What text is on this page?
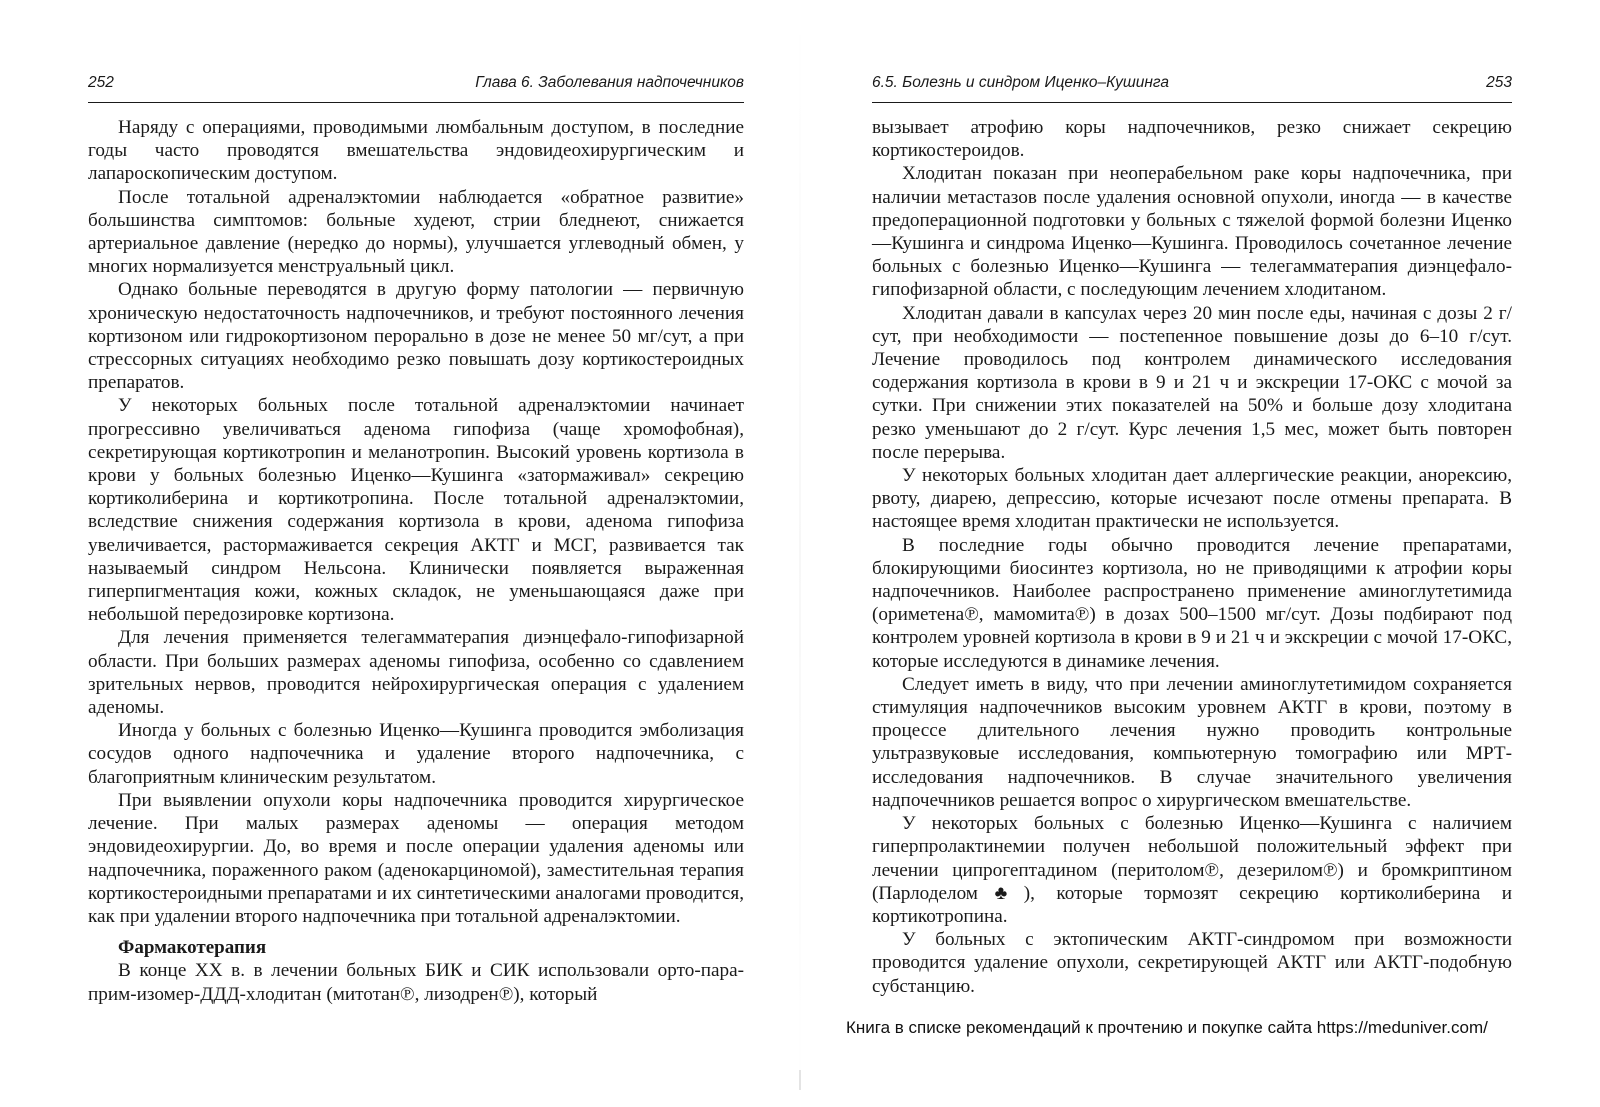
252	Глава 6. Заболевания надпочечников

Наряду с операциями, проводимыми люмбальным доступом, в последние годы часто проводятся вмешательства эндовидеохирургическим и лапароскопическим доступом.

После тотальной адреналэктомии наблюдается «обратное развитие» большинства симптомов: больные худеют, стрии бледнеют, снижается артериальное давление (нередко до нормы), улучшается углеводный обмен, у многих нормализуется менструальный цикл.

Однако больные переводятся в другую форму патологии — первичную хроническую недостаточность надпочечников, и требуют постоянного лечения кортизоном или гидрокортизоном перорально в дозе не менее 50 мг/сут, а при стрессорных ситуациях необходимо резко повышать дозу кортикостероидных препаратов.

У некоторых больных после тотальной адреналэктомии начинает прогрессивно увеличиваться аденома гипофиза (чаще хромофобная), секретирующая кортикотропин и меланотропин. Высокий уровень кортизола в крови у больных болезнью Иценко—Кушинга «затормаживал» секрецию кортиколиберина и кортикотропина. После тотальной адреналэктомии, вследствие снижения содержания кортизола в крови, аденома гипофиза увеличивается, растормаживается секреция АКТГ и МСГ, развивается так называемый синдром Нельсона. Клинически появляется выраженная гиперпигментация кожи, кожных складок, не уменьшающаяся даже при небольшой передозировке кортизона.

Для лечения применяется телегамматерапия диэнцефало-гипофизарной области. При больших размерах аденомы гипофиза, особенно со сдавлением зрительных нервов, проводится нейрохирургическая операция с удалением аденомы.

Иногда у больных с болезнью Иценко—Кушинга проводится эмболизация сосудов одного надпочечника и удаление второго надпочечника, с благоприятным клиническим результатом.

При выявлении опухоли коры надпочечника проводится хирургическое лечение. При малых размерах аденомы — операция методом эндовидеохирургии. До, во время и после операции удаления аденомы или надпочечника, пораженного раком (аденокарциномой), заместительная терапия кортикостероидными препаратами и их синтетическими аналогами проводится, как при удалении второго надпочечника при тотальной адреналэктомии.

Фармакотерапия

В конце XX в. в лечении больных БИК и СИК использовали орто-пара-прим-изомер-ДДД-хлодитан (митотан℗, лизодрен℗), который

6.5. Болезнь и синдром Иценко–Кушинга	253

вызывает атрофию коры надпочечников, резко снижает секрецию кортикостероидов.

Хлодитан показан при неоперабельном раке коры надпочечника, при наличии метастазов после удаления основной опухоли, иногда — в качестве предоперационной подготовки у больных с тяжелой формой болезни Иценко—Кушинга и синдрома Иценко—Кушинга. Проводилось сочетанное лечение больных с болезнью Иценко—Кушинга — телегамматерапия диэнцефало-гипофизарной области, с последующим лечением хлодитаном.

Хлодитан давали в капсулах через 20 мин после еды, начиная с дозы 2 г/сут, при необходимости — постепенное повышение дозы до 6–10 г/сут. Лечение проводилось под контролем динамического исследования содержания кортизола в крови в 9 и 21 ч и экскреции 17-ОКС с мочой за сутки. При снижении этих показателей на 50% и больше дозу хлодитана резко уменьшают до 2 г/сут. Курс лечения 1,5 мес, может быть повторен после перерыва.

У некоторых больных хлодитан дает аллергические реакции, анорексию, рвоту, диарею, депрессию, которые исчезают после отмены препарата. В настоящее время хлодитан практически не используется.

В последние годы обычно проводится лечение препаратами, блокирующими биосинтез кортизола, но не приводящими к атрофии коры надпочечников. Наиболее распространено применение аминоглутетимида (ориметена℗, мамомита℗) в дозах 500–1500 мг/сут. Дозы подбирают под контролем уровней кортизола в крови в 9 и 21 ч и экскреции с мочой 17-ОКС, которые исследуются в динамике лечения.

Следует иметь в виду, что при лечении аминоглутетимидом сохраняется стимуляция надпочечников высоким уровнем АКТГ в крови, поэтому в процессе длительного лечения нужно проводить контрольные ультразвуковые исследования, компьютерную томографию или МРТ-исследования надпочечников. В случае значительного увеличения надпочечников решается вопрос о хирургическом вмешательстве.

У некоторых больных с болезнью Иценко—Кушинга с наличием гиперпролактинемии получен небольшой положительный эффект при лечении ципрогептадином (перитолом℗, дезерилом℗) и бромкриптином (Парлоделом♣), которые тормозят секрецию кортиколиберина и кортикотропина.

У больных с эктопическим АКТГ-синдромом при возможности проводится удаление опухоли, секретирующей АКТГ или АКТГ-подобную субстанцию.

Книга в списке рекомендаций к прочтению и покупке сайта https://meduniver.com/
